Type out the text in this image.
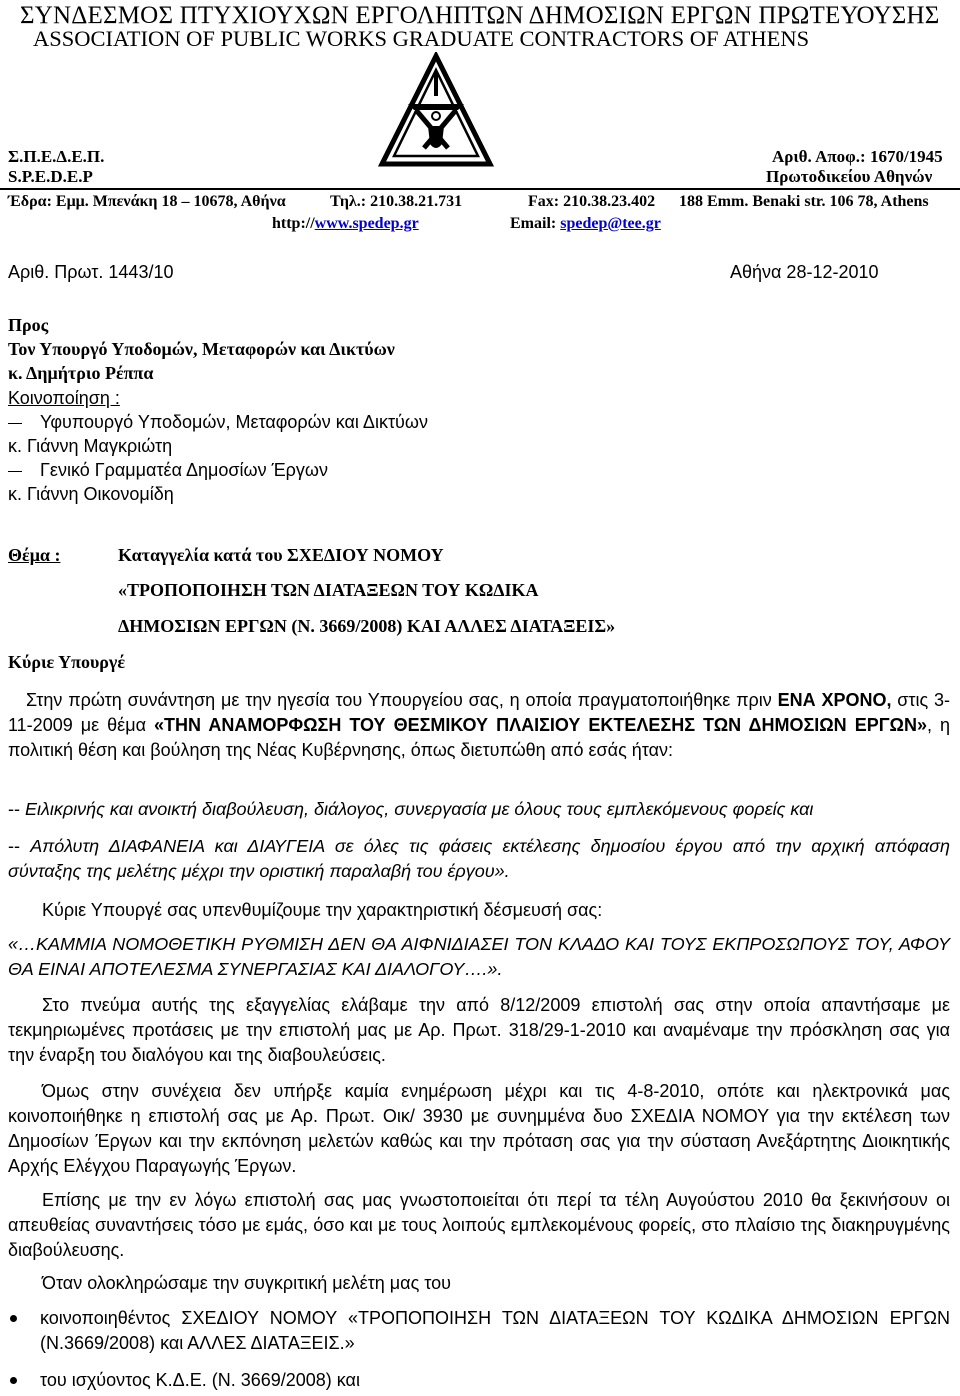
ΣΥΝΔΕΣΜΟΣ ΠΤΥΧΙΟΥΧΩΝ ΕΡΓΟΛΗΠΤΩΝ ΔΗΜΟΣΙΩΝ ΕΡΓΩΝ ΠΡΩΤΕΥΟΥΣΗΣ
ASSOCIATION OF PUBLIC WORKS GRADUATE CONTRACTORS OF ATHENS
Σ.Π.Ε.Δ.Ε.Π.
S.P.E.D.E.P
Αριθ. Αποφ.: 1670/1945
Πρωτοδικείου Αθηνών
Έδρα: Εμμ. Μπενάκη 18 – 10678, Αθήνα	Τηλ.: 210.38.21.731	Fax: 210.38.23.402 188 Emm. Benaki str. 106 78, Athens
http://www.spedep.gr	Email: spedep@tee.gr
Αριθ. Πρωτ. 1443/10	Αθήνα 28-12-2010
Προς
Τον Υπουργό Υποδομών, Μεταφορών και Δικτύων
κ. Δημήτριο Ρέππα
Κοινοποίηση :
Υφυπουργό Υποδομών, Μεταφορών και Δικτύων
κ. Γιάννη Μαγκριώτη
Γενικό Γραμματέα Δημοσίων Έργων
κ. Γιάννη Οικονομίδη
Θέμα :	Καταγγελία κατά του ΣΧΕΔΙΟΥ ΝΟΜΟΥ
«ΤΡΟΠΟΠΟΙΗΣΗ ΤΩΝ ΔΙΑΤΑΞΕΩΝ ΤΟΥ ΚΩΔΙΚΑ
ΔΗΜΟΣΙΩΝ ΕΡΓΩΝ (Ν. 3669/2008) ΚΑΙ ΑΛΛΕΣ ΔΙΑΤΑΞΕΙΣ»
Κύριε Υπουργέ
Στην πρώτη συνάντηση με την ηγεσία του Υπουργείου σας, η οποία πραγματοποιήθηκε πριν ΕΝΑ ΧΡΟΝΟ, στις 3-11-2009 με θέμα «ΤΗΝ ΑΝΑΜΟΡΦΩΣΗ ΤΟΥ ΘΕΣΜΙΚΟΥ ΠΛΑΙΣΙΟΥ ΕΚΤΕΛΕΣΗΣ ΤΩΝ ΔΗΜΟΣΙΩΝ ΕΡΓΩΝ», η πολιτική θέση και βούληση της Νέας Κυβέρνησης, όπως διετυπώθη από εσάς ήταν:
-- Ειλικρινής και ανοικτή διαβούλευση, διάλογος, συνεργασία με όλους τους εμπλεκόμενους φορείς και
-- Απόλυτη ΔΙΑΦΑΝΕΙΑ και ΔΙΑΥΓΕΙΑ σε όλες τις φάσεις εκτέλεσης δημοσίου έργου από την αρχική απόφαση σύνταξης της μελέτης μέχρι την οριστική παραλαβή του έργου».
Κύριε Υπουργέ σας υπενθυμίζουμε την χαρακτηριστική δέσμευσή σας:
«…ΚΑΜΜΙΑ ΝΟΜΟΘΕΤΙΚΗ ΡΥΘΜΙΣΗ ΔΕΝ ΘΑ ΑΙΦΝΙΔΙΑΣΕΙ ΤΟΝ ΚΛΑΔΟ ΚΑΙ ΤΟΥΣ ΕΚΠΡΟΣΩΠΟΥΣ ΤΟΥ, ΑΦΟΥ ΘΑ ΕΙΝΑΙ ΑΠΟΤΕΛΕΣΜΑ ΣΥΝΕΡΓΑΣΙΑΣ ΚΑΙ ΔΙΑΛΟΓΟΥ….».
Στο πνεύμα αυτής της εξαγγελίας ελάβαμε την από 8/12/2009 επιστολή σας στην οποία απαντήσαμε με τεκμηριωμένες προτάσεις με την επιστολή μας με Αρ. Πρωτ. 318/29-1-2010 και αναμέναμε την πρόσκληση σας για την έναρξη του διαλόγου και της διαβουλεύσεις.
Όμως στην συνέχεια δεν υπήρξε καμία ενημέρωση μέχρι και τις 4-8-2010, οπότε και ηλεκτρονικά μας κοινοποιήθηκε η επιστολή σας με Αρ. Πρωτ. Οικ/ 3930 με συνημμένα δυο ΣΧΕΔΙΑ ΝΟΜΟΥ για την εκτέλεση των Δημοσίων Έργων και την εκπόνηση μελετών καθώς και την πρόταση σας για την σύσταση Ανεξάρτητης Διοικητικής Αρχής Ελέγχου Παραγωγής Έργων.
Επίσης με την εν λόγω επιστολή σας μας γνωστοποιείται ότι περί τα τέλη Αυγούστου 2010 θα ξεκινήσουν οι απευθείας συναντήσεις τόσο με εμάς, όσο και με τους λοιπούς εμπλεκομένους φορείς, στο πλαίσιο της διακηρυγμένης διαβούλευσης.
Όταν ολοκληρώσαμε την συγκριτική μελέτη μας του
κοινοποιηθέντος ΣΧΕΔΙΟΥ ΝΟΜΟΥ «ΤΡΟΠΟΠΟΙΗΣΗ ΤΩΝ ΔΙΑΤΑΞΕΩΝ ΤΟΥ ΚΩΔΙΚΑ ΔΗΜΟΣΙΩΝ ΕΡΓΩΝ (Ν.3669/2008) και ΑΛΛΕΣ ΔΙΑΤΑΞΕΙΣ.»
του ισχύοντος Κ.Δ.Ε. (Ν. 3669/2008) και
